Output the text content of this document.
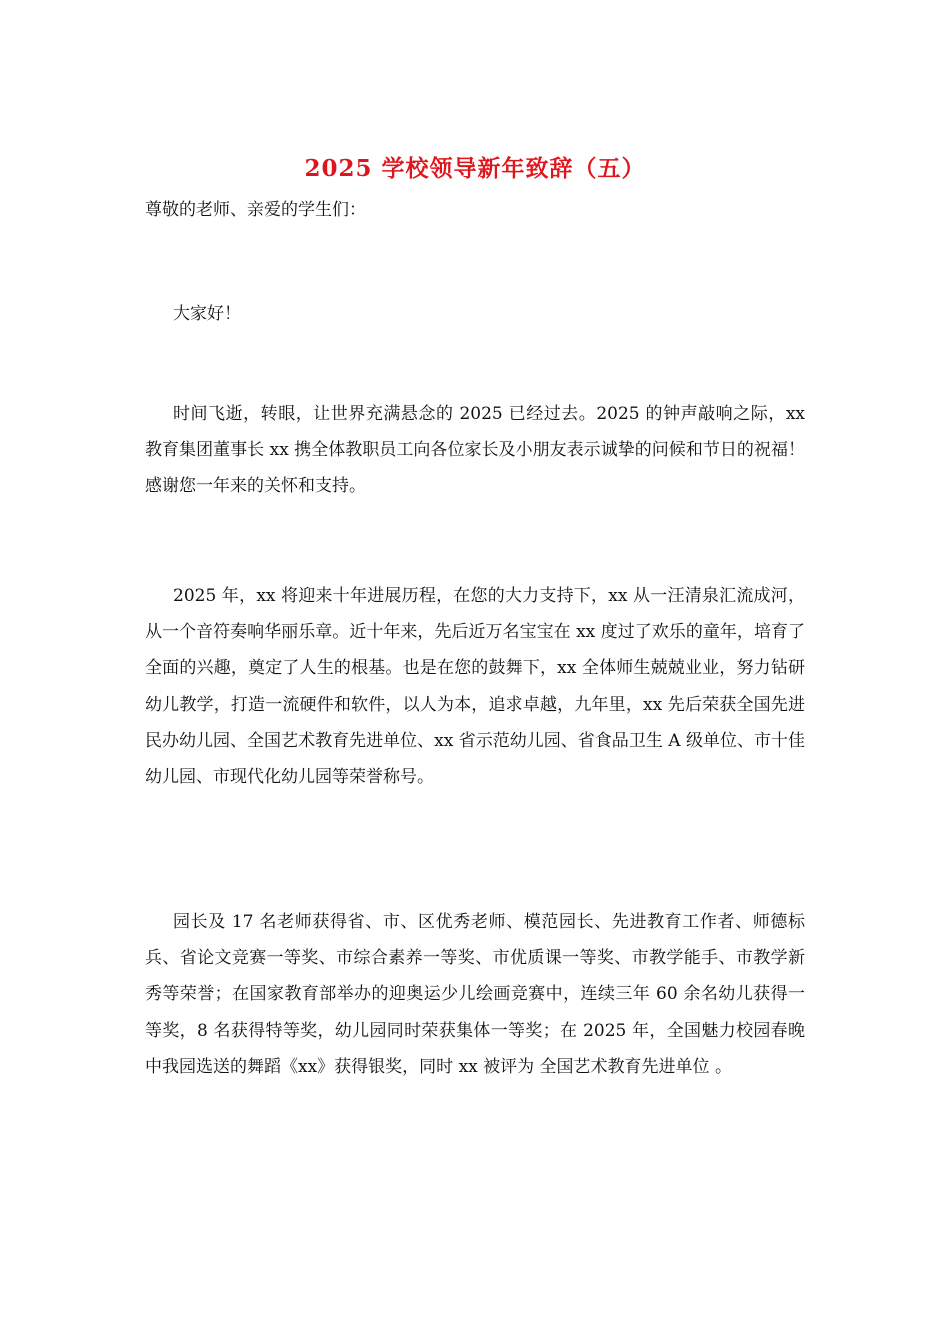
2025 学校领导新年致辞（五）
尊敬的老师、亲爱的学生们：

大家好！

时间飞逝，转眼，让世界充满悬念的 2025 已经过去。2025 的钟声敲响之际，xx 教育集团董事长 xx 携全体教职员工向各位家长及小朋友表示诚挚的问候和节日的祝福！感谢您一年来的关怀和支持。

2025 年，xx 将迎来十年进展历程，在您的大力支持下，xx 从一汪清泉汇流成河，从一个音符奏响华丽乐章。近十年来，先后近万名宝宝在 xx 度过了欢乐的童年，培育了全面的兴趣，奠定了人生的根基。也是在您的鼓舞下，xx 全体师生兢兢业业，努力钻研幼儿教学，打造一流硬件和软件，以人为本，追求卓越，九年里，xx 先后荣获全国先进民办幼儿园、全国艺术教育先进单位、xx 省示范幼儿园、省食品卫生 A 级单位、市十佳幼儿园、市现代化幼儿园等荣誉称号。

园长及 17 名老师获得省、市、区优秀老师、模范园长、先进教育工作者、师德标兵、省论文竞赛一等奖、市综合素养一等奖、市优质课一等奖、市教学能手、市教学新秀等荣誉；在国家教育部举办的迎奥运少儿绘画竞赛中，连续三年 60 余名幼儿获得一等奖，8 名获得特等奖，幼儿园同时荣获集体一等奖；在 2025 年，全国魅力校园春晚中我园选送的舞蹈《xx》获得银奖，同时 xx 被评为 全国艺术教育先进单位 。
